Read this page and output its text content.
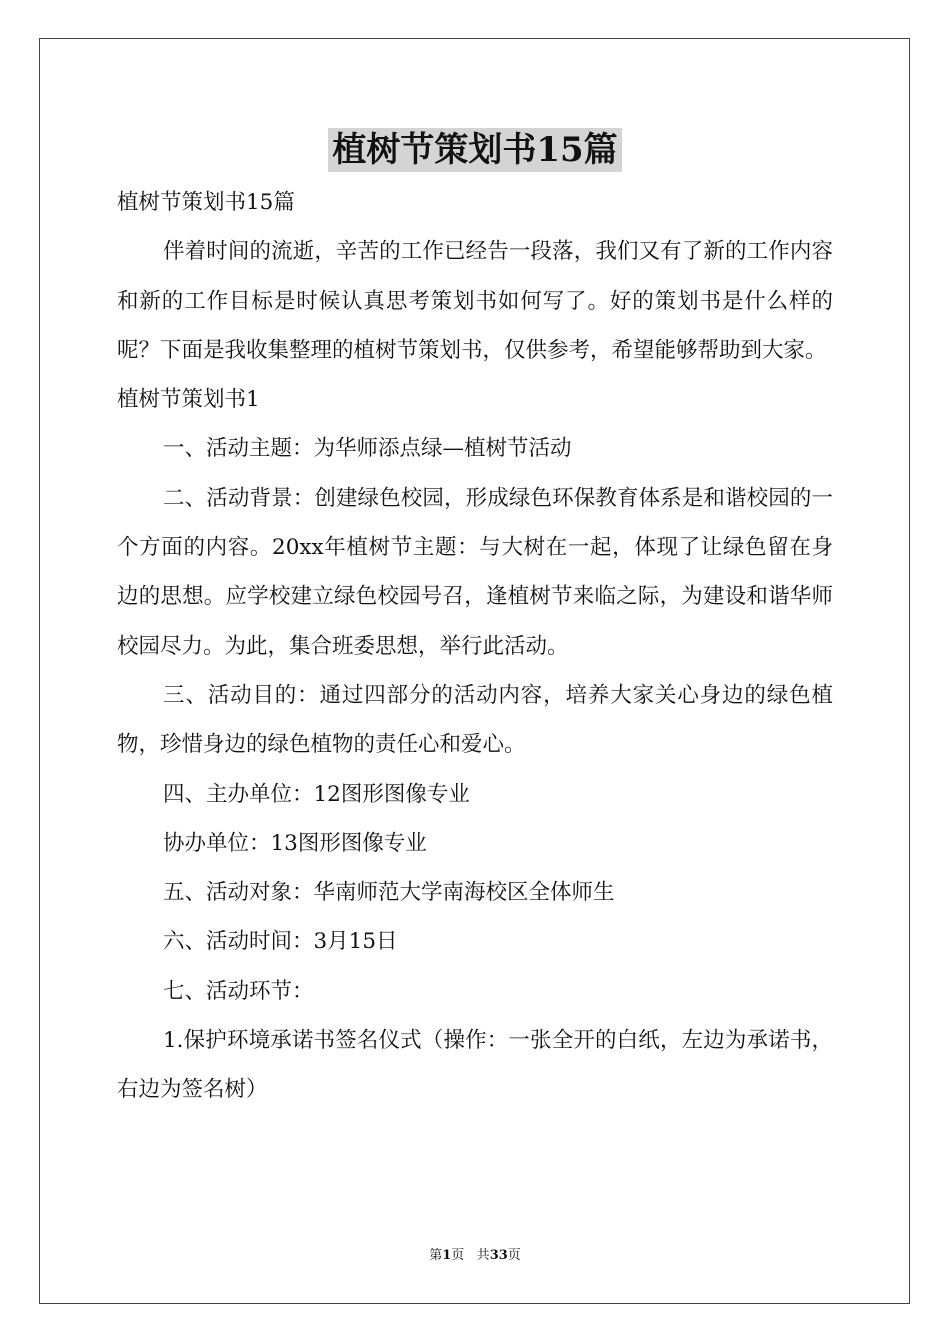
植树节策划书15篇

植树节策划书15篇

伴着时间的流逝，辛苦的工作已经告一段落，我们又有了新的工作内容和新的工作目标是时候认真思考策划书如何写了。好的策划书是什么样的呢？下面是我收集整理的植树节策划书，仅供参考，希望能够帮助到大家。

植树节策划书1

一、活动主题：为华师添点绿—植树节活动

二、活动背景：创建绿色校园，形成绿色环保教育体系是和谐校园的一个方面的内容。20xx年植树节主题：与大树在一起，体现了让绿色留在身边的思想。应学校建立绿色校园号召，逢植树节来临之际，为建设和谐华师校园尽力。为此，集合班委思想，举行此活动。

三、活动目的：通过四部分的活动内容，培养大家关心身边的绿色植物，珍惜身边的绿色植物的责任心和爱心。

四、主办单位：12图形图像专业

协办单位：13图形图像专业

五、活动对象：华南师范大学南海校区全体师生

六、活动时间：3月15日

七、活动环节：

1.保护环境承诺书签名仪式（操作：一张全开的白纸，左边为承诺书，右边为签名树）

第1页 共33页
